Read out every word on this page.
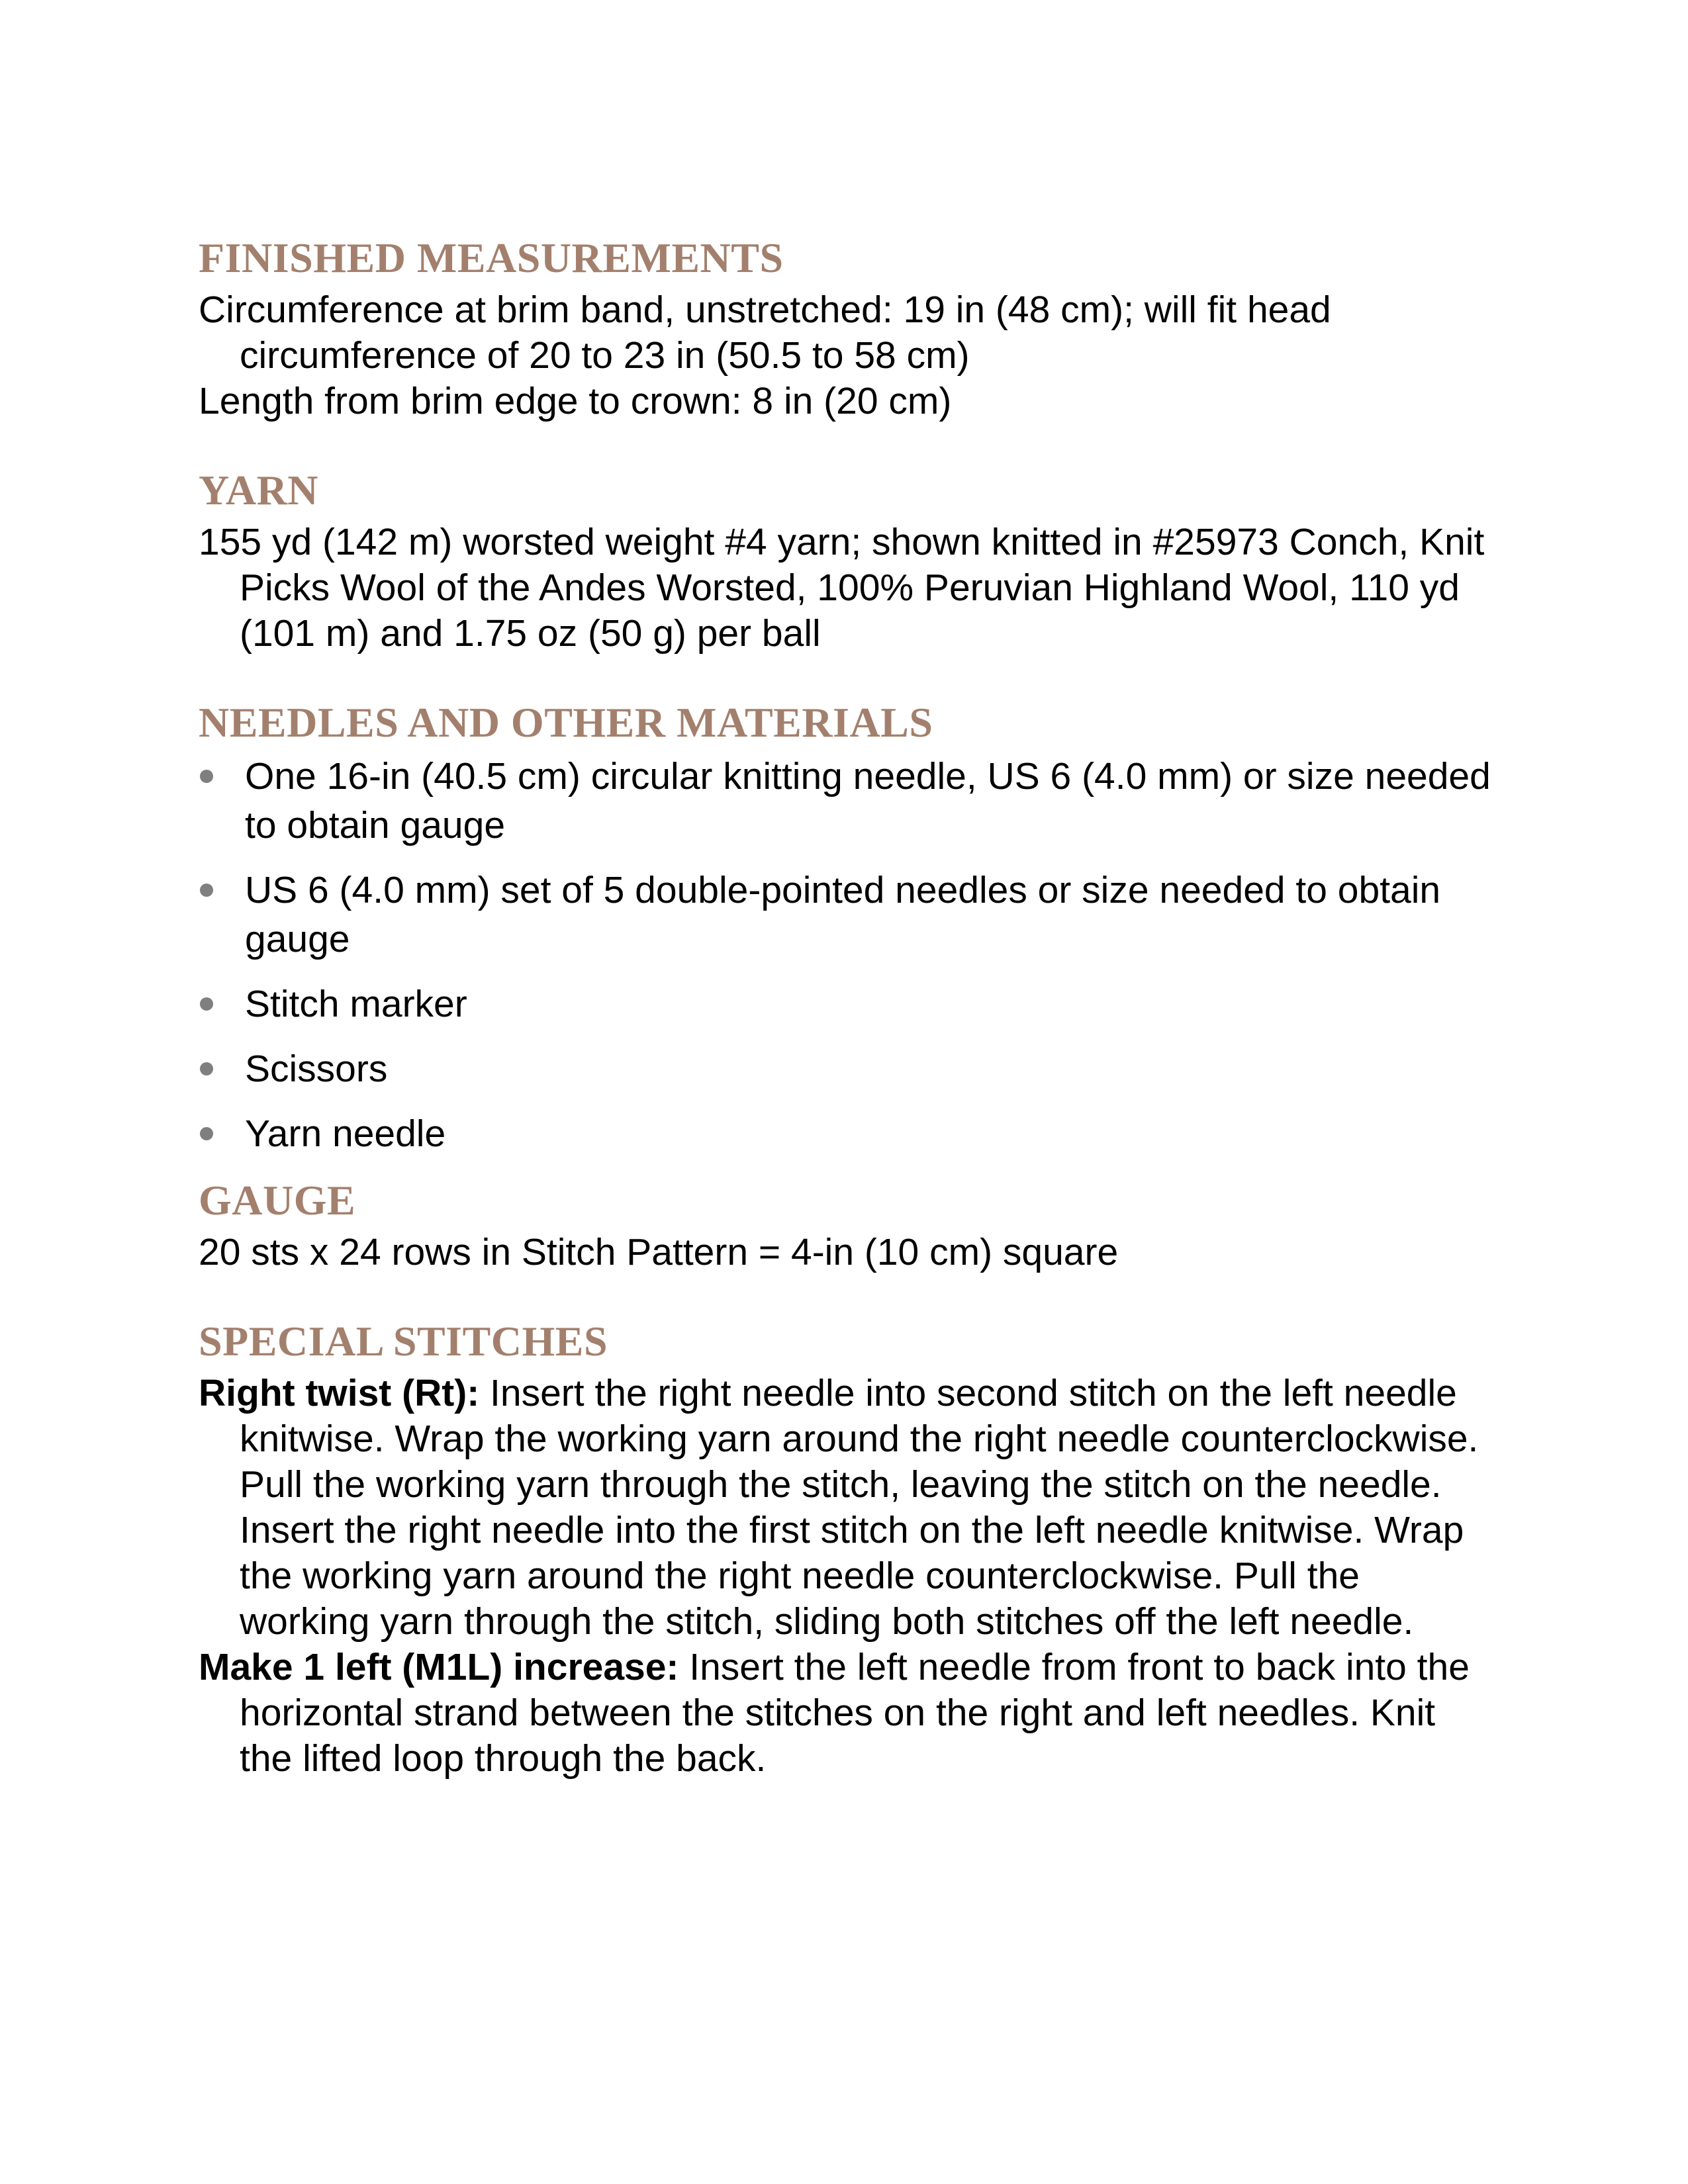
FINISHED MEASUREMENTS

Circumference at brim band, unstretched: 19 in (48 cm); will fit head circumference of 20 to 23 in (50.5 to 58 cm)

Length from brim edge to crown: 8 in (20 cm)

YARN

155 yd (142 m) worsted weight #4 yarn; shown knitted in #25973 Conch, Knit Picks Wool of the Andes Worsted, 100% Peruvian Highland Wool, 110 yd (101 m) and 1.75 oz (50 g) per ball

NEEDLES AND OTHER MATERIALS
One 16-in (40.5 cm) circular knitting needle, US 6 (4.0 mm) or size needed to obtain gauge
US 6 (4.0 mm) set of 5 double-pointed needles or size needed to obtain gauge
Stitch marker
Scissors
Yarn needle
GAUGE

20 sts x 24 rows in Stitch Pattern = 4-in (10 cm) square

SPECIAL STITCHES

Right twist (Rt): Insert the right needle into second stitch on the left needle knitwise. Wrap the working yarn around the right needle counterclockwise. Pull the working yarn through the stitch, leaving the stitch on the needle. Insert the right needle into the first stitch on the left needle knitwise. Wrap the working yarn around the right needle counterclockwise. Pull the working yarn through the stitch, sliding both stitches off the left needle.

Make 1 left (M1L) increase: Insert the left needle from front to back into the horizontal strand between the stitches on the right and left needles. Knit the lifted loop through the back.
